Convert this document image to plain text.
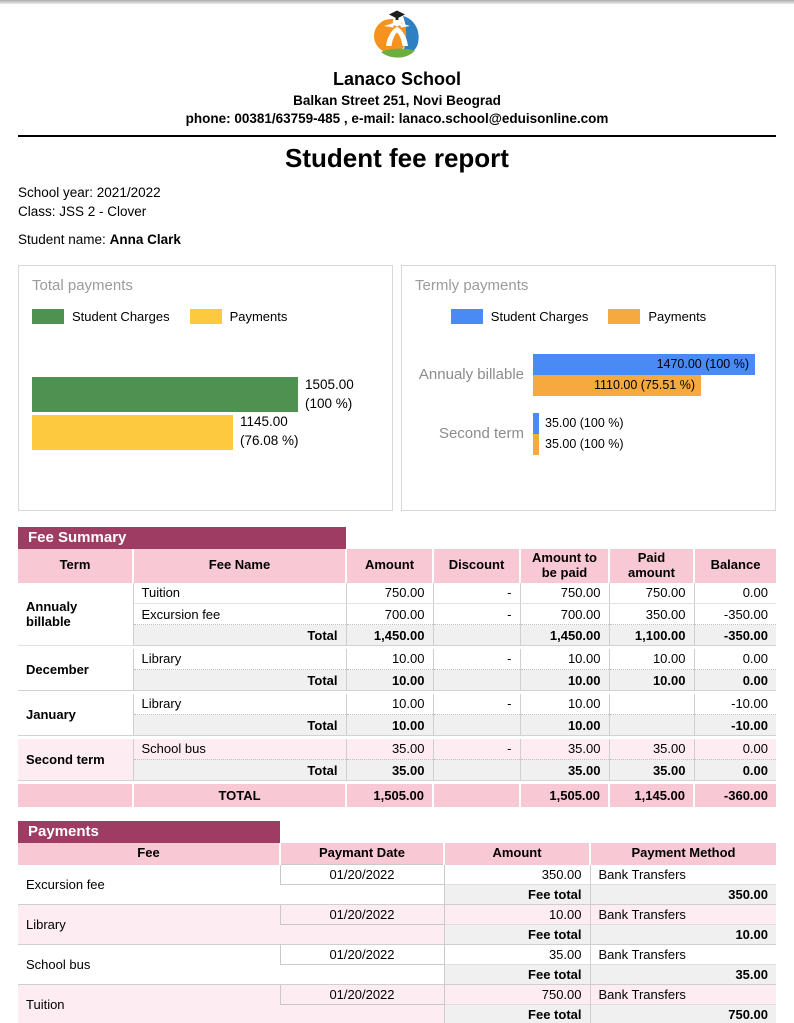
Lanaco School
Balkan Street 251, Novi Beograd
phone: 00381/63759-485 , e-mail: lanaco.school@eduisonline.com
Student fee report
School year: 2021/2022
Class: JSS 2 - Clover
Student name: Anna Clark
Total payments
Student Charges	Payments
1505.00
(100 %)
1145.00
(76.08 %)
Termly payments
Student Charges	Payments
Annualy billable
1470.00 (100 %)
1110.00 (75.51 %)
Second term
35.00 (100 %)
35.00 (100 %)
Fee Summary
Term	Fee Name	Amount	Discount	Amount to be paid	Paid amount	Balance
Annualy billable	Tuition	750.00	-	750.00	750.00	0.00
	Excursion fee	700.00	-	700.00	350.00	-350.00
	Total	1,450.00		1,450.00	1,100.00	-350.00

December	Library	10.00	-	10.00	10.00	0.00
	Total	10.00		10.00	10.00	0.00

January	Library	10.00	-	10.00		-10.00
	Total	10.00		10.00		-10.00

Second term	School bus	35.00	-	35.00	35.00	0.00
	Total	35.00		35.00	35.00	0.00

	TOTAL	1,505.00		1,505.00	1,145.00	-360.00
Payments
Fee	Paymant Date	Amount	Payment Method
Excursion fee	01/20/2022	350.00	Bank Transfers
		Fee total	350.00
Library	01/20/2022	10.00	Bank Transfers
		Fee total	10.00
School bus	01/20/2022	35.00	Bank Transfers
		Fee total	35.00
Tuition	01/20/2022	750.00	Bank Transfers
		Fee total	750.00
